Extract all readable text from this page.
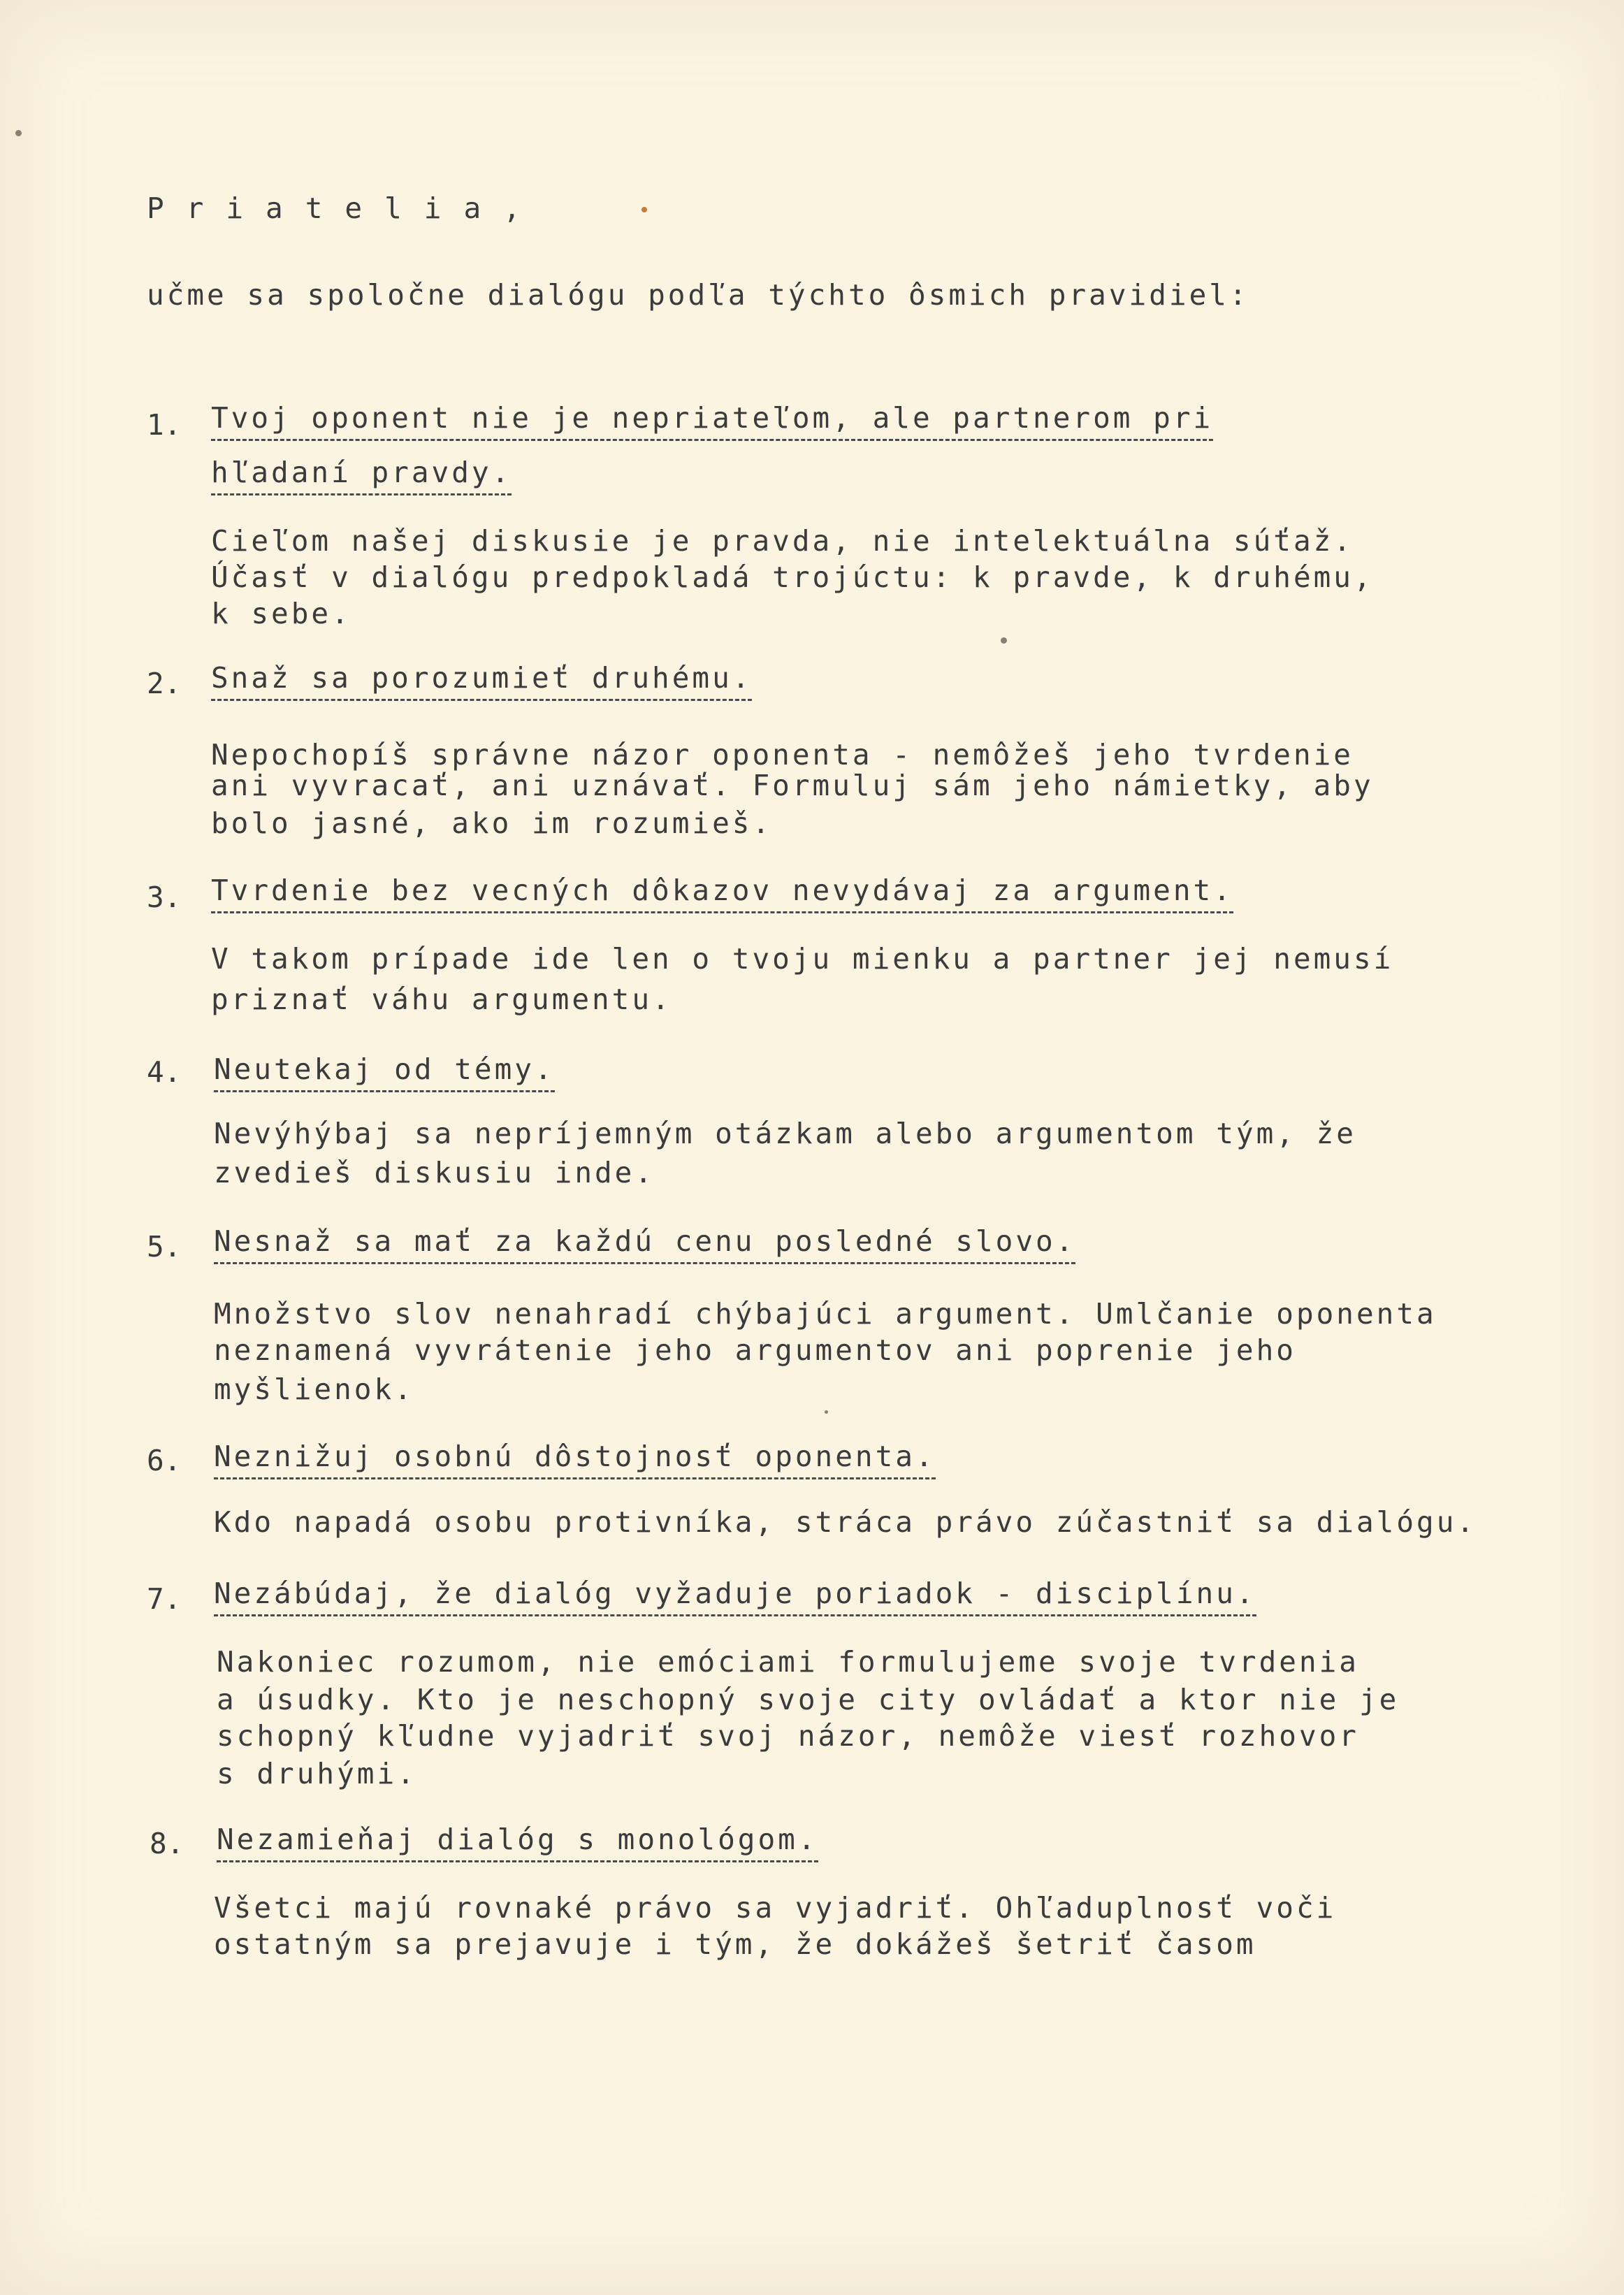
Priatelia,
učme sa spoločne dialógu podľa týchto ôsmich pravidiel:
1. Tvoj oponent nie je nepriateľom, ale partnerom pri
hľadaní pravdy.
Cieľom našej diskusie je pravda, nie intelektuálna súťaž.
Účasť v dialógu predpokladá trojúctu: k pravde, k druhému,
k sebe.
2. Snaž sa porozumieť druhému.
Nepochopíš správne názor oponenta - nemôžeš jeho tvrdenie
ani vyvracať, ani uznávať. Formuluj sám jeho námietky, aby
bolo jasné, ako im rozumieš.
3. Tvrdenie bez vecných dôkazov nevydávaj za argument.
V takom prípade ide len o tvoju mienku a partner jej nemusí
priznať váhu argumentu.
4. Neutekaj od témy.
Nevýhýbaj sa nepríjemným otázkam alebo argumentom tým, že
zvedieš diskusiu inde.
5. Nesnaž sa mať za každú cenu posledné slovo.
Množstvo slov nenahradí chýbajúci argument. Umlčanie oponenta
neznamená vyvrátenie jeho argumentov ani poprenie jeho
myšlienok.
6. Neznižuj osobnú dôstojnosť oponenta.
Kdo napadá osobu protivníka, stráca právo zúčastniť sa dialógu.
7. Nezábúdaj, že dialóg vyžaduje poriadok - disciplínu.
Nakoniec rozumom, nie emóciami formulujeme svoje tvrdenia
a úsudky. Kto je neschopný svoje city ovládať a ktor nie je
schopný kľudne vyjadriť svoj názor, nemôže viesť rozhovor
s druhými.
8. Nezamieňaj dialóg s monológom.
Všetci majú rovnaké právo sa vyjadriť. Ohľaduplnosť voči
ostatným sa prejavuje i tým, že dokážeš šetriť časom
